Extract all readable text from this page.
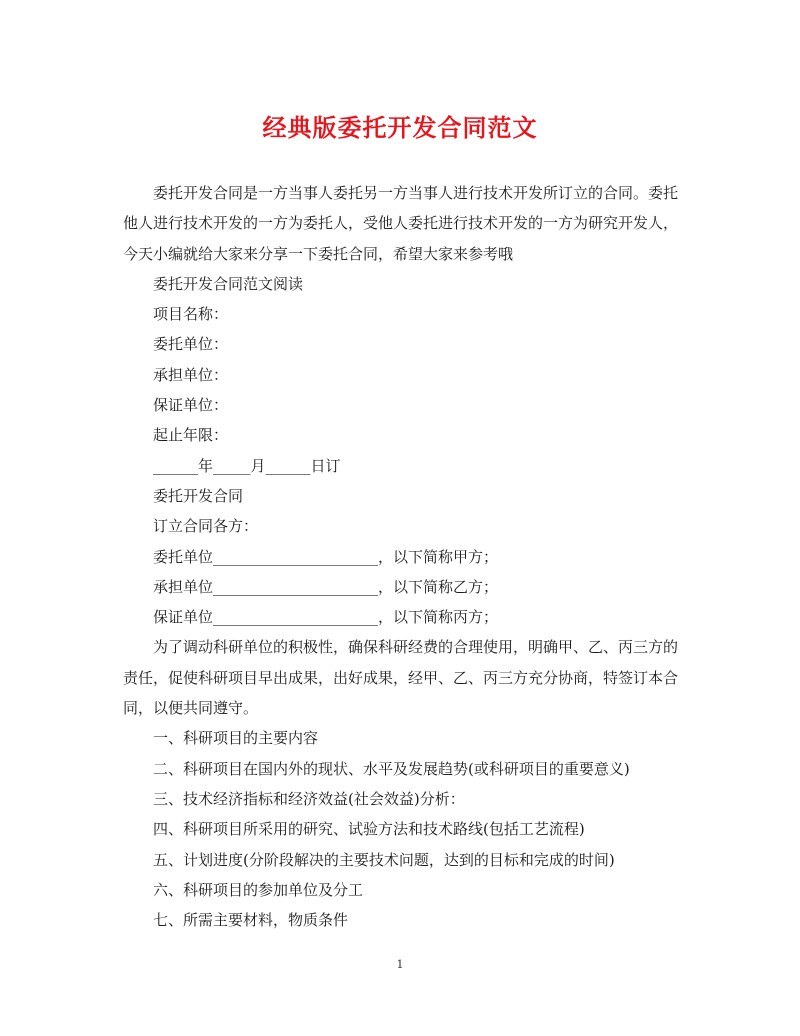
经典版委托开发合同范文

委托开发合同是一方当事人委托另一方当事人进行技术开发所订立的合同。委托他人进行技术开发的一方为委托人，受他人委托进行技术开发的一方为研究开发人，今天小编就给大家来分享一下委托合同，希望大家来参考哦

委托开发合同范文阅读

项目名称：

委托单位：

承担单位：

保证单位：

起止年限：

______年_____月______日订

委托开发合同

订立合同各方：

委托单位______________________，以下简称甲方；

承担单位______________________，以下简称乙方；

保证单位______________________，以下简称丙方；

为了调动科研单位的积极性，确保科研经费的合理使用，明确甲、乙、丙三方的责任，促使科研项目早出成果，出好成果，经甲、乙、丙三方充分协商，特签订本合同，以便共同遵守。

一、科研项目的主要内容

二、科研项目在国内外的现状、水平及发展趋势(或科研项目的重要意义)

三、技术经济指标和经济效益(社会效益)分析：

四、科研项目所采用的研究、试验方法和技术路线(包括工艺流程)

五、计划进度(分阶段解决的主要技术问题，达到的目标和完成的时间)

六、科研项目的参加单位及分工

七、所需主要材料，物质条件

1
